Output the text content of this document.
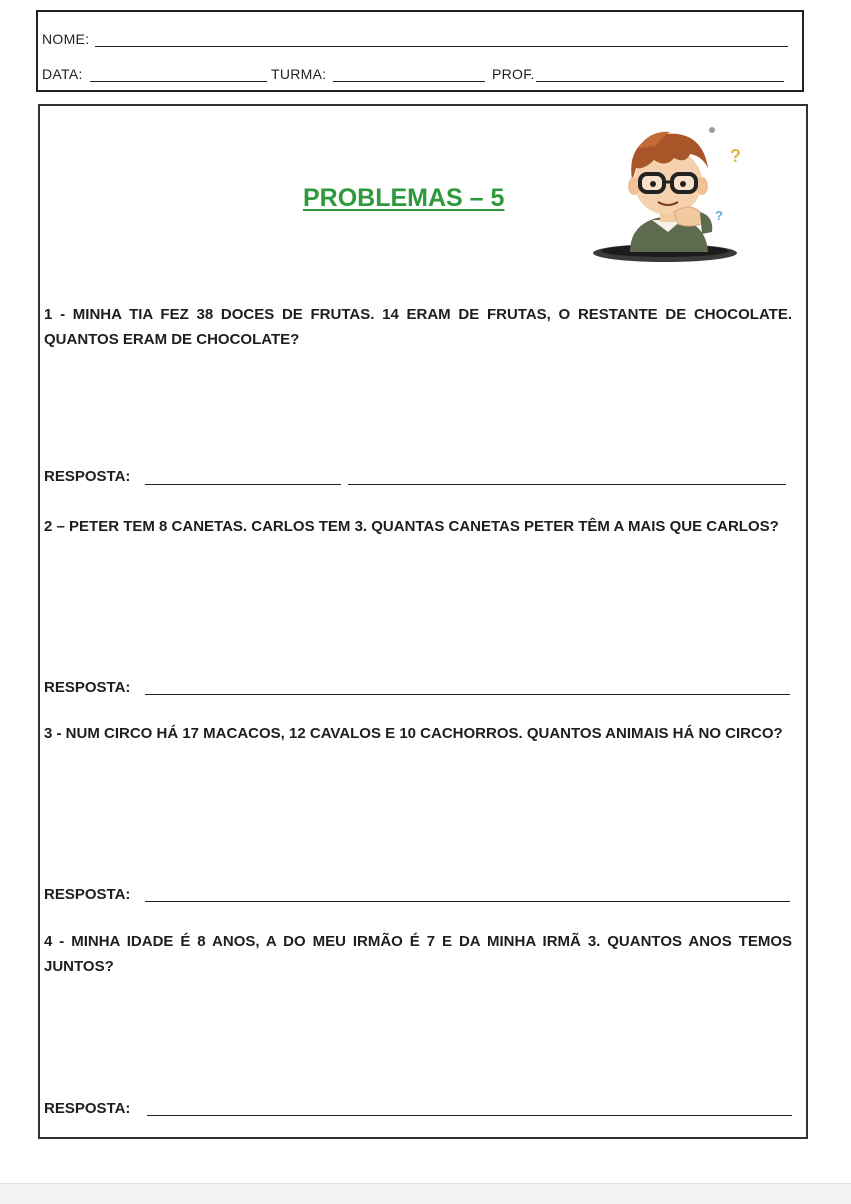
NOME:
DATA:	TURMA:	PROF.
PROBLEMAS – 5
?
?
1 - MINHA TIA FEZ 38 DOCES DE FRUTAS. 14 ERAM DE FRUTAS, O RESTANTE DE CHOCOLATE. QUANTOS ERAM DE CHOCOLATE?
RESPOSTA:
2 – PETER TEM 8 CANETAS. CARLOS TEM 3. QUANTAS CANETAS PETER TÊM A MAIS QUE CARLOS?
RESPOSTA:
3 - NUM CIRCO HÁ 17 MACACOS, 12 CAVALOS E 10 CACHORROS. QUANTOS ANIMAIS HÁ NO CIRCO?
RESPOSTA:
4 - MINHA IDADE É 8 ANOS, A DO MEU IRMÃO É 7 E DA MINHA IRMÃ 3. QUANTOS ANOS TEMOS JUNTOS?
RESPOSTA:
